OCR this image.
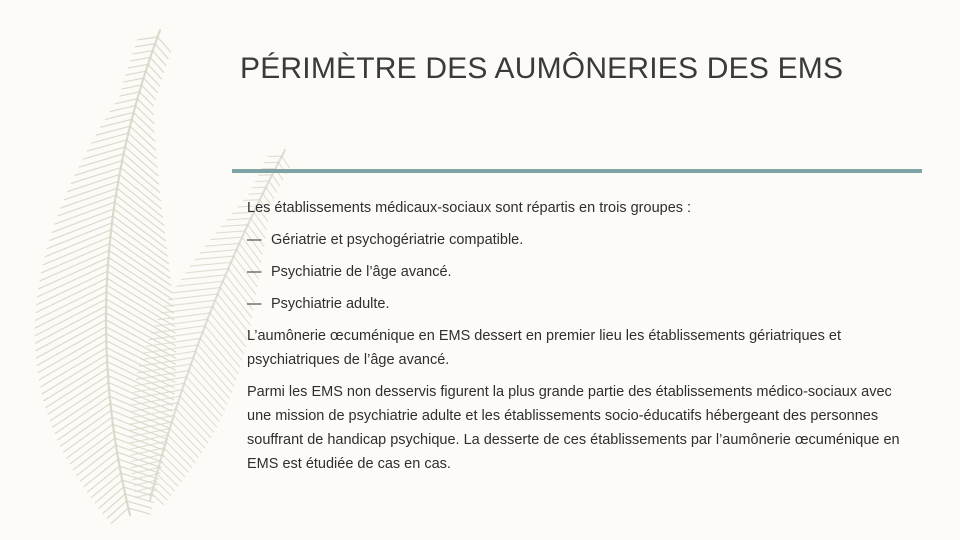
PÉRIMÈTRE DES AUMÔNERIES DES EMS

Les établissements médicaux-sociaux sont répartis en trois groupes :

— Gériatrie et psychogériatrie compatible.
— Psychiatrie de l’âge avancé.
— Psychiatrie adulte.

L’aumônerie œcuménique en EMS dessert en premier lieu les établissements gériatriques et psychiatriques de l’âge avancé.

Parmi les EMS non desservis figurent la plus grande partie des établissements médico-sociaux avec une mission de psychiatrie adulte et les établissements socio-éducatifs hébergeant des personnes souffrant de handicap psychique. La desserte de ces établissements par l’aumônerie œcuménique en EMS est étudiée de cas en cas.
